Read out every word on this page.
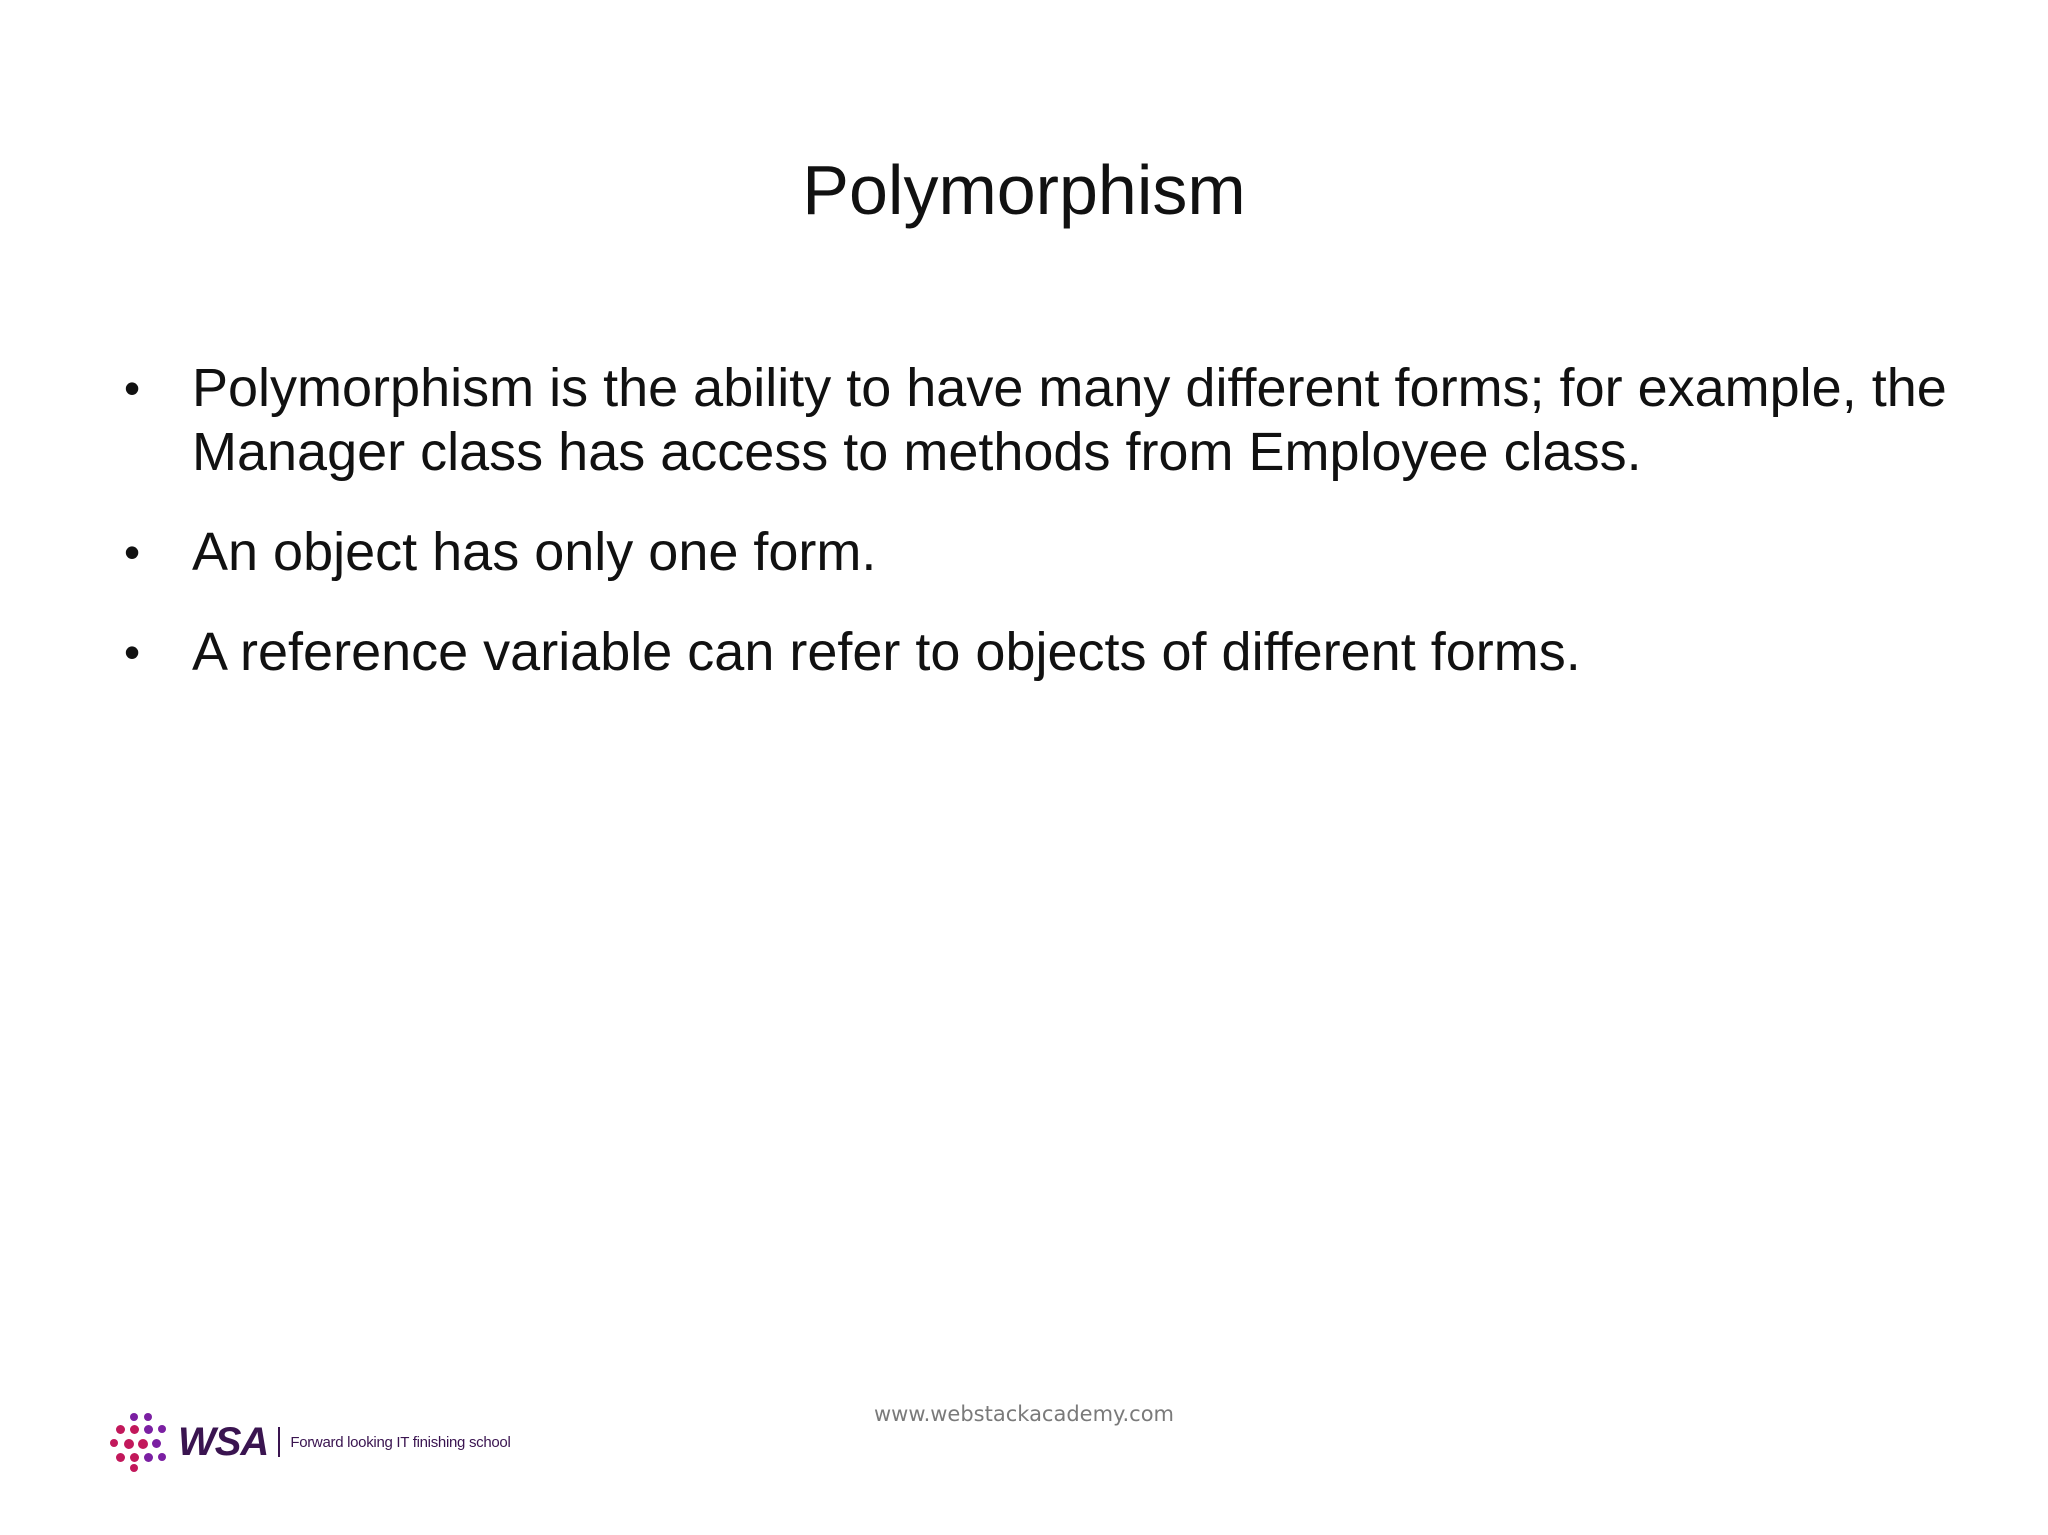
Polymorphism
• Polymorphism is the ability to have many different forms; for example, the Manager class has access to methods from Employee class.
• An object has only one form.
• A reference variable can refer to objects of different forms.
www.webstackacademy.com
WSA Forward looking IT finishing school
